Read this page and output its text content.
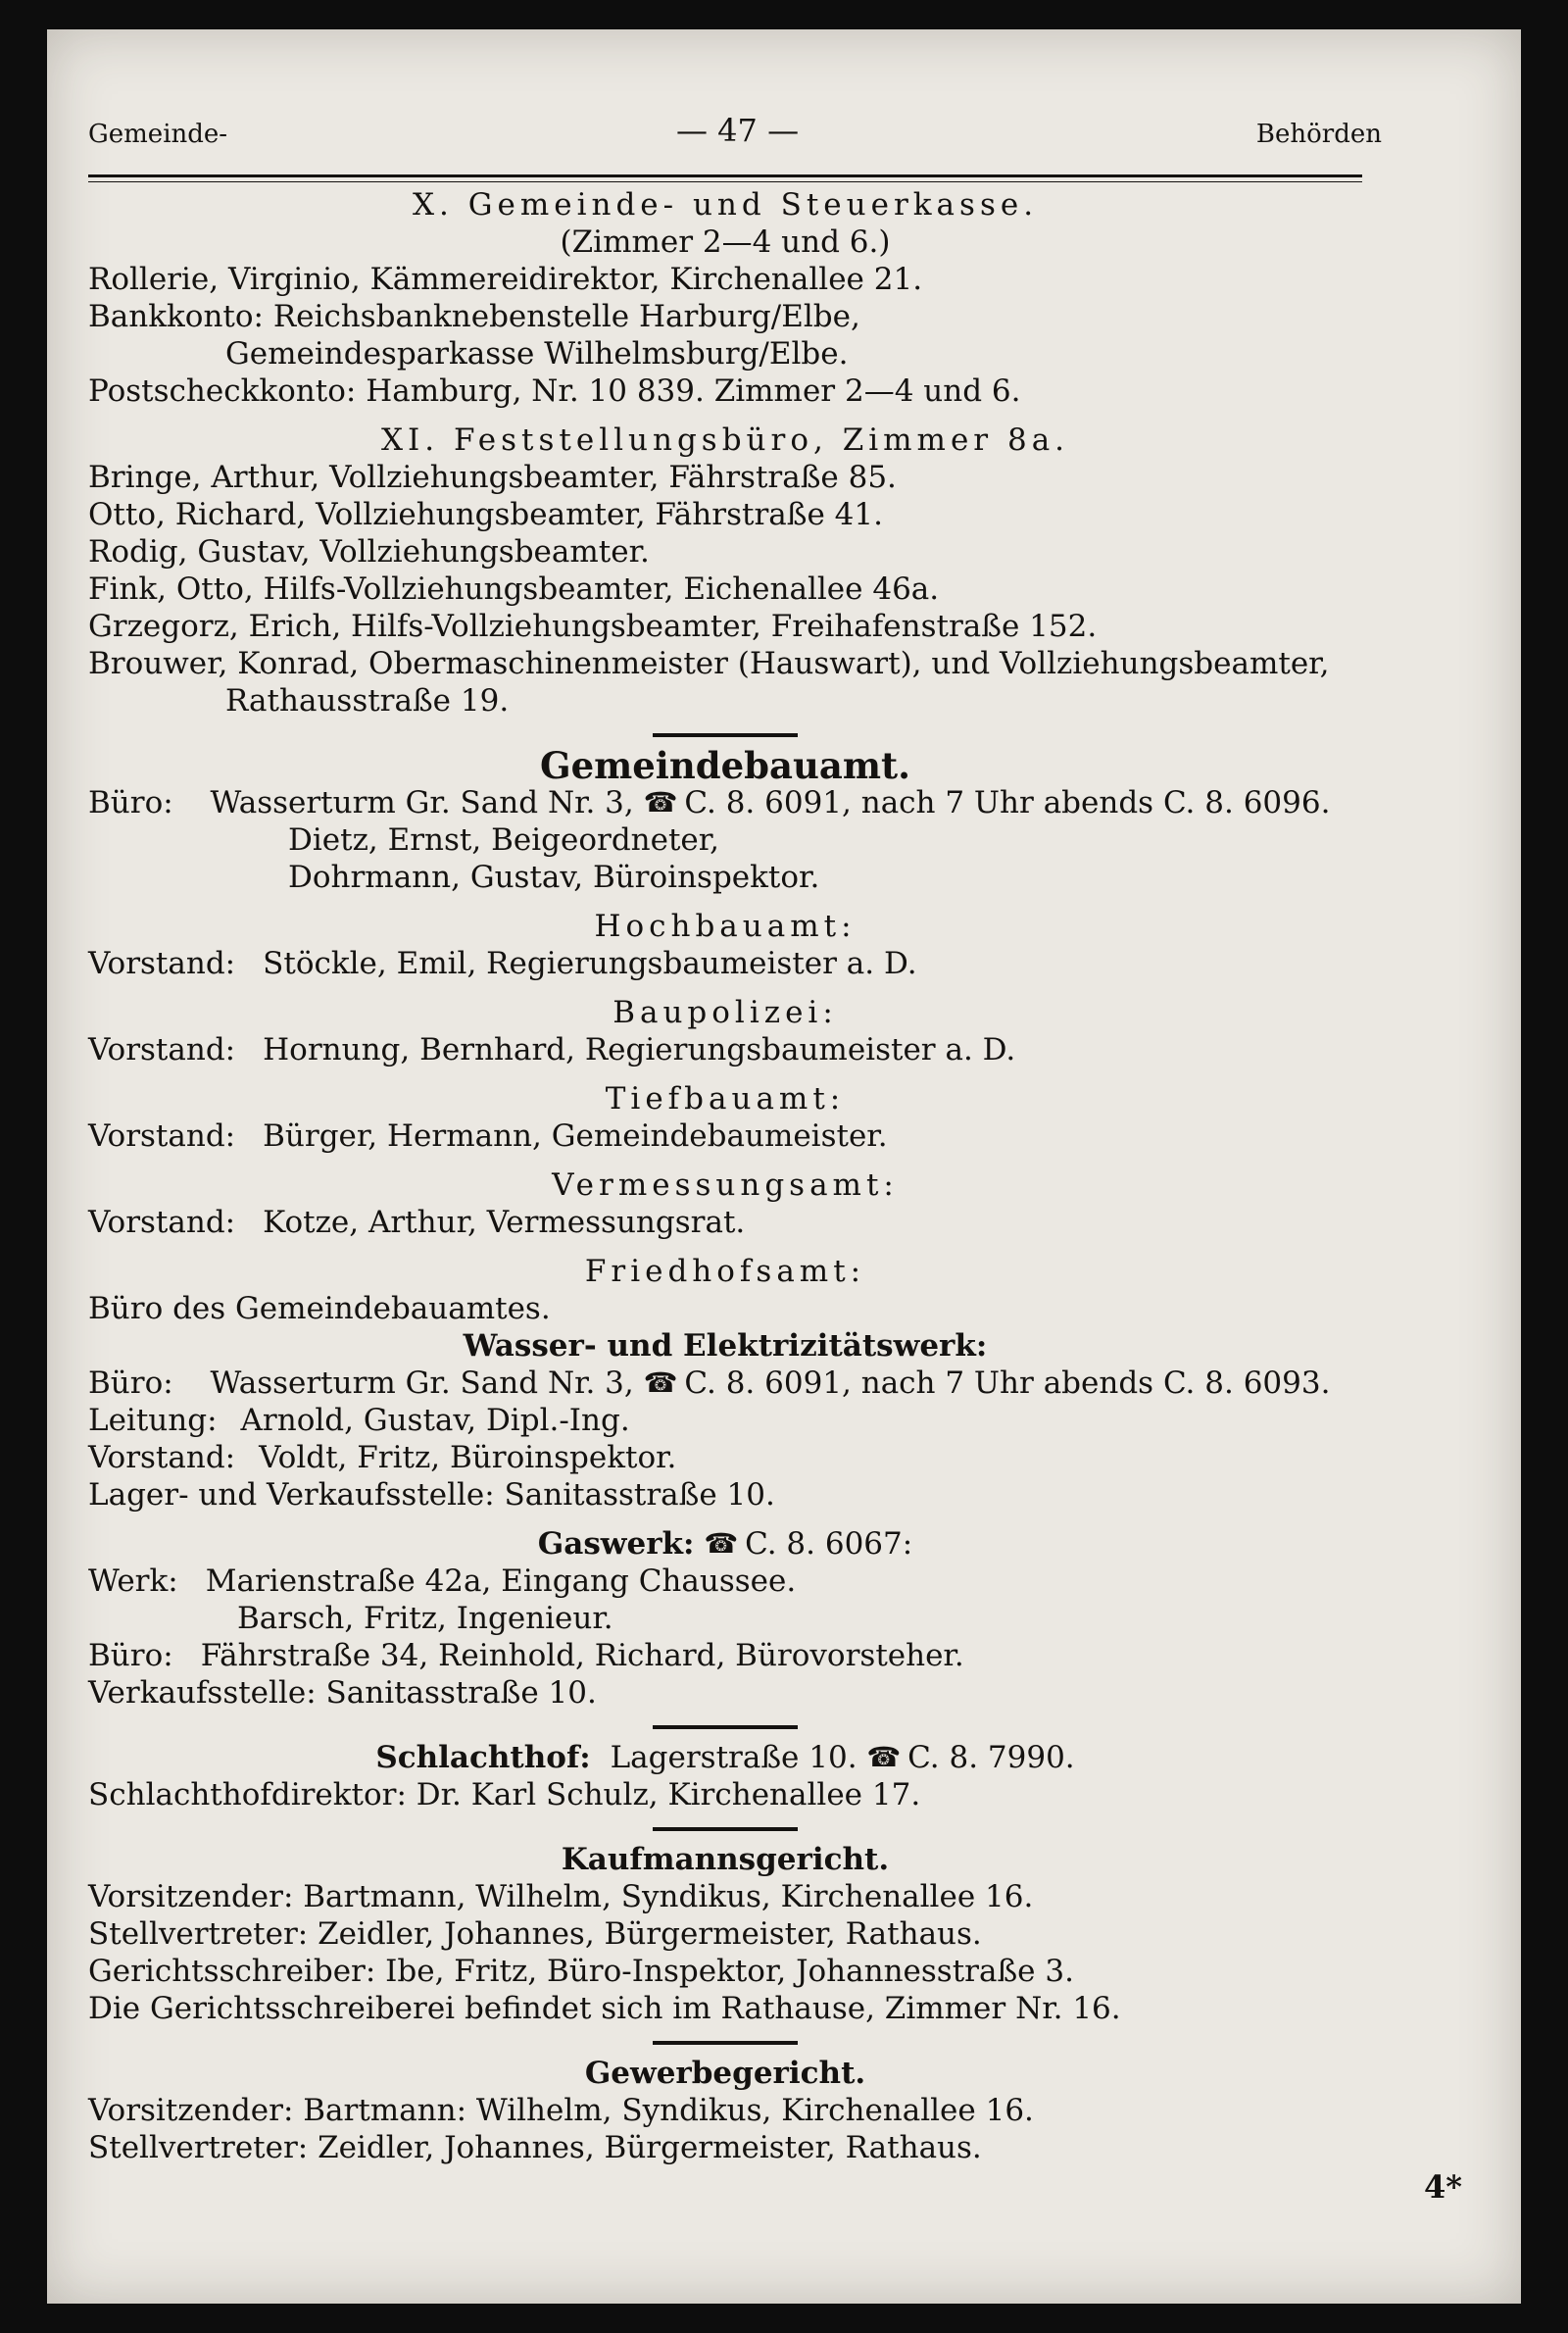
Gemeinde-	— 47 —	Behörden
X. Gemeinde- und Steuerkasse.
(Zimmer 2—4 und 6.)
Rollerie, Virginio, Kämmereidirektor, Kirchenallee 21.
Bankkonto: Reichsbanknebenstelle Harburg/Elbe,
Gemeindesparkasse Wilhelmsburg/Elbe.
Postscheckkonto: Hamburg, Nr. 10 839. Zimmer 2—4 und 6.
XI. Feststellungsbüro, Zimmer 8a.
Bringe, Arthur, Vollziehungsbeamter, Fährstraße 85.
Otto, Richard, Vollziehungsbeamter, Fährstraße 41.
Rodig, Gustav, Vollziehungsbeamter.
Fink, Otto, Hilfs-Vollziehungsbeamter, Eichenallee 46a.
Grzegorz, Erich, Hilfs-Vollziehungsbeamter, Freihafenstraße 152.
Brouwer, Konrad, Obermaschinenmeister (Hauswart), und Vollziehungsbeamter,
Rathausstraße 19.
Gemeindebauamt.
Büro: Wasserturm Gr. Sand Nr. 3, ☎ C. 8. 6091, nach 7 Uhr abends C. 8. 6096.
Dietz, Ernst, Beigeordneter,
Dohrmann, Gustav, Büroinspektor.
Hochbauamt:
Vorstand: Stöckle, Emil, Regierungsbaumeister a. D.
Baupolizei:
Vorstand: Hornung, Bernhard, Regierungsbaumeister a. D.
Tiefbauamt:
Vorstand: Bürger, Hermann, Gemeindebaumeister.
Vermessungsamt:
Vorstand: Kotze, Arthur, Vermessungsrat.
Friedhofsamt:
Büro des Gemeindebauamtes.
Wasser- und Elektrizitätswerk:
Büro: Wasserturm Gr. Sand Nr. 3, ☎ C. 8. 6091, nach 7 Uhr abends C. 8. 6093.
Leitung: Arnold, Gustav, Dipl.-Ing.
Vorstand: Voldt, Fritz, Büroinspektor.
Lager- und Verkaufsstelle: Sanitasstraße 10.
Gaswerk: ☎ C. 8. 6067:
Werk: Marienstraße 42a, Eingang Chaussee.
Barsch, Fritz, Ingenieur.
Büro: Fährstraße 34, Reinhold, Richard, Bürovorsteher.
Verkaufsstelle: Sanitasstraße 10.
Schlachthof: Lagerstraße 10. ☎ C. 8. 7990.
Schlachthofdirektor: Dr. Karl Schulz, Kirchenallee 17.
Kaufmannsgericht.
Vorsitzender: Bartmann, Wilhelm, Syndikus, Kirchenallee 16.
Stellvertreter: Zeidler, Johannes, Bürgermeister, Rathaus.
Gerichtsschreiber: Ibe, Fritz, Büro-Inspektor, Johannesstraße 3.
Die Gerichtsschreiberei befindet sich im Rathause, Zimmer Nr. 16.
Gewerbegericht.
Vorsitzender: Bartmann: Wilhelm, Syndikus, Kirchenallee 16.
Stellvertreter: Zeidler, Johannes, Bürgermeister, Rathaus.
4*
